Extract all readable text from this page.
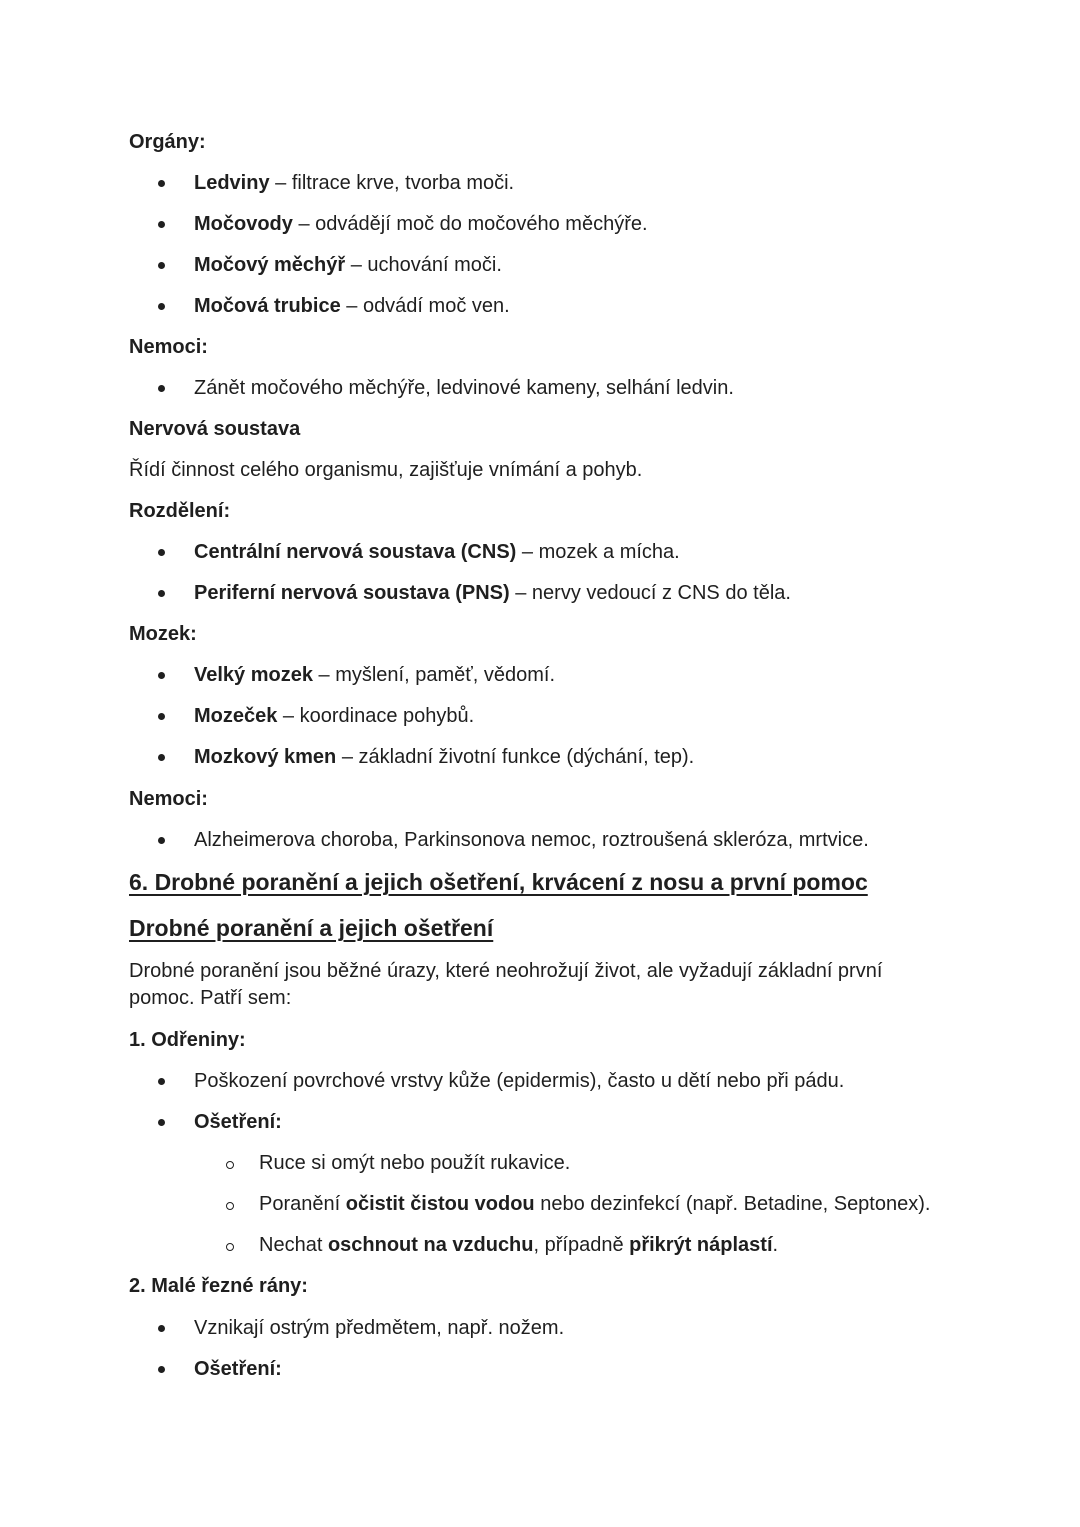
Orgány:
Ledviny – filtrace krve, tvorba moči.
Močovody – odvádějí moč do močového měchýře.
Močový měchýř – uchování moči.
Močová trubice – odvádí moč ven.
Nemoci:
Zánět močového měchýře, ledvinové kameny, selhání ledvin.
Nervová soustava
Řídí činnost celého organismu, zajišťuje vnímání a pohyb.
Rozdělení:
Centrální nervová soustava (CNS) – mozek a mícha.
Periferní nervová soustava (PNS) – nervy vedoucí z CNS do těla.
Mozek:
Velký mozek – myšlení, paměť, vědomí.
Mozeček – koordinace pohybů.
Mozkový kmen – základní životní funkce (dýchání, tep).
Nemoci:
Alzheimerova choroba, Parkinsonova nemoc, roztroušená skleróza, mrtvice.
6. Drobné poranění a jejich ošetření, krvácení z nosu a první pomoc
Drobné poranění a jejich ošetření
Drobné poranění jsou běžné úrazy, které neohrožují život, ale vyžadují základní první pomoc. Patří sem:
1. Odřeniny:
Poškození povrchové vrstvy kůže (epidermis), často u dětí nebo při pádu.
Ošetření:
Ruce si omýt nebo použít rukavice.
Poranění očistit čistou vodou nebo dezinfekcí (např. Betadine, Septonex).
Nechat oschnout na vzduchu, případně přikrýt náplastí.
2. Malé řezné rány:
Vznikají ostrým předmětem, např. nožem.
Ošetření:
